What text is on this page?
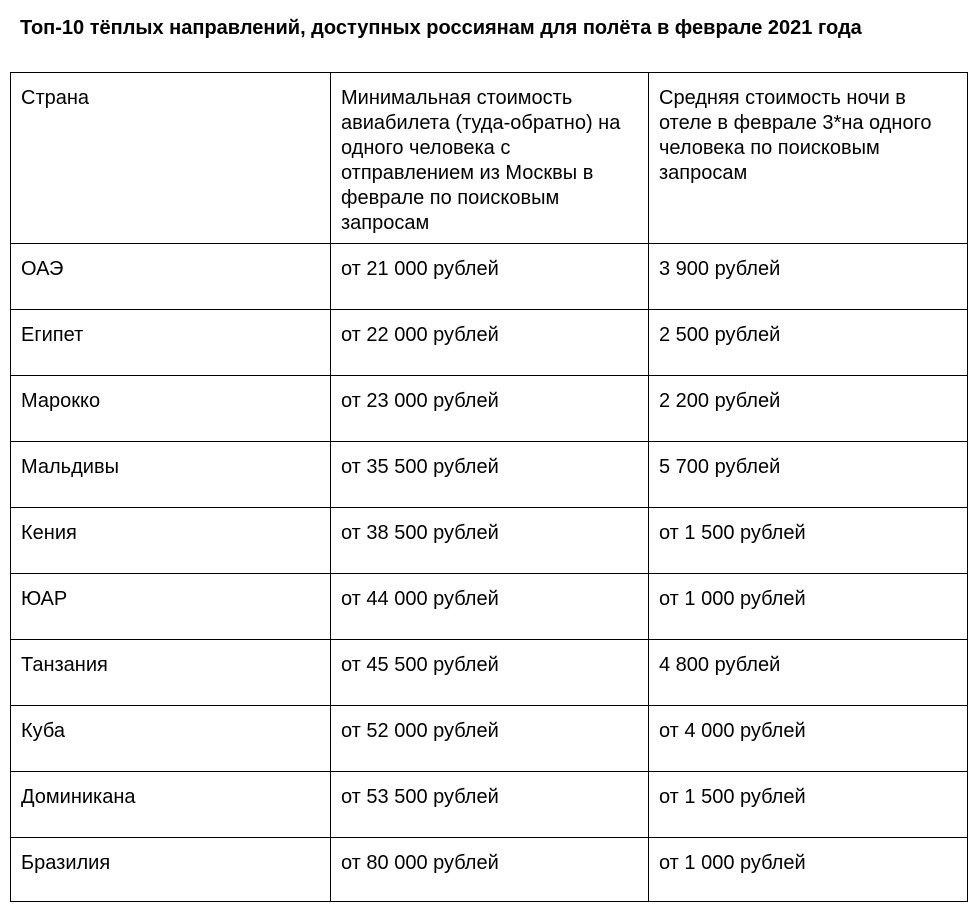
Топ-10 тёплых направлений, доступных россиянам для полёта в феврале 2021 года
Страна	Минимальная стоимость авиабилета (туда-обратно) на одного человека с отправлением из Москвы в феврале по поисковым запросам	Средняя стоимость ночи в отеле в феврале 3*на одного человека по поисковым запросам
ОАЭ	от 21 000 рублей	3 900 рублей
Египет	от 22 000 рублей	2 500 рублей
Марокко	от 23 000 рублей	2 200 рублей
Мальдивы	от 35 500 рублей	5 700 рублей
Кения	от 38 500 рублей	от 1 500 рублей
ЮАР	от 44 000 рублей	от 1 000 рублей
Танзания	от 45 500 рублей	4 800 рублей
Куба	от 52 000 рублей	от 4 000 рублей
Доминикана	от 53 500 рублей	от 1 500 рублей
Бразилия	от 80 000 рублей	от 1 000 рублей
